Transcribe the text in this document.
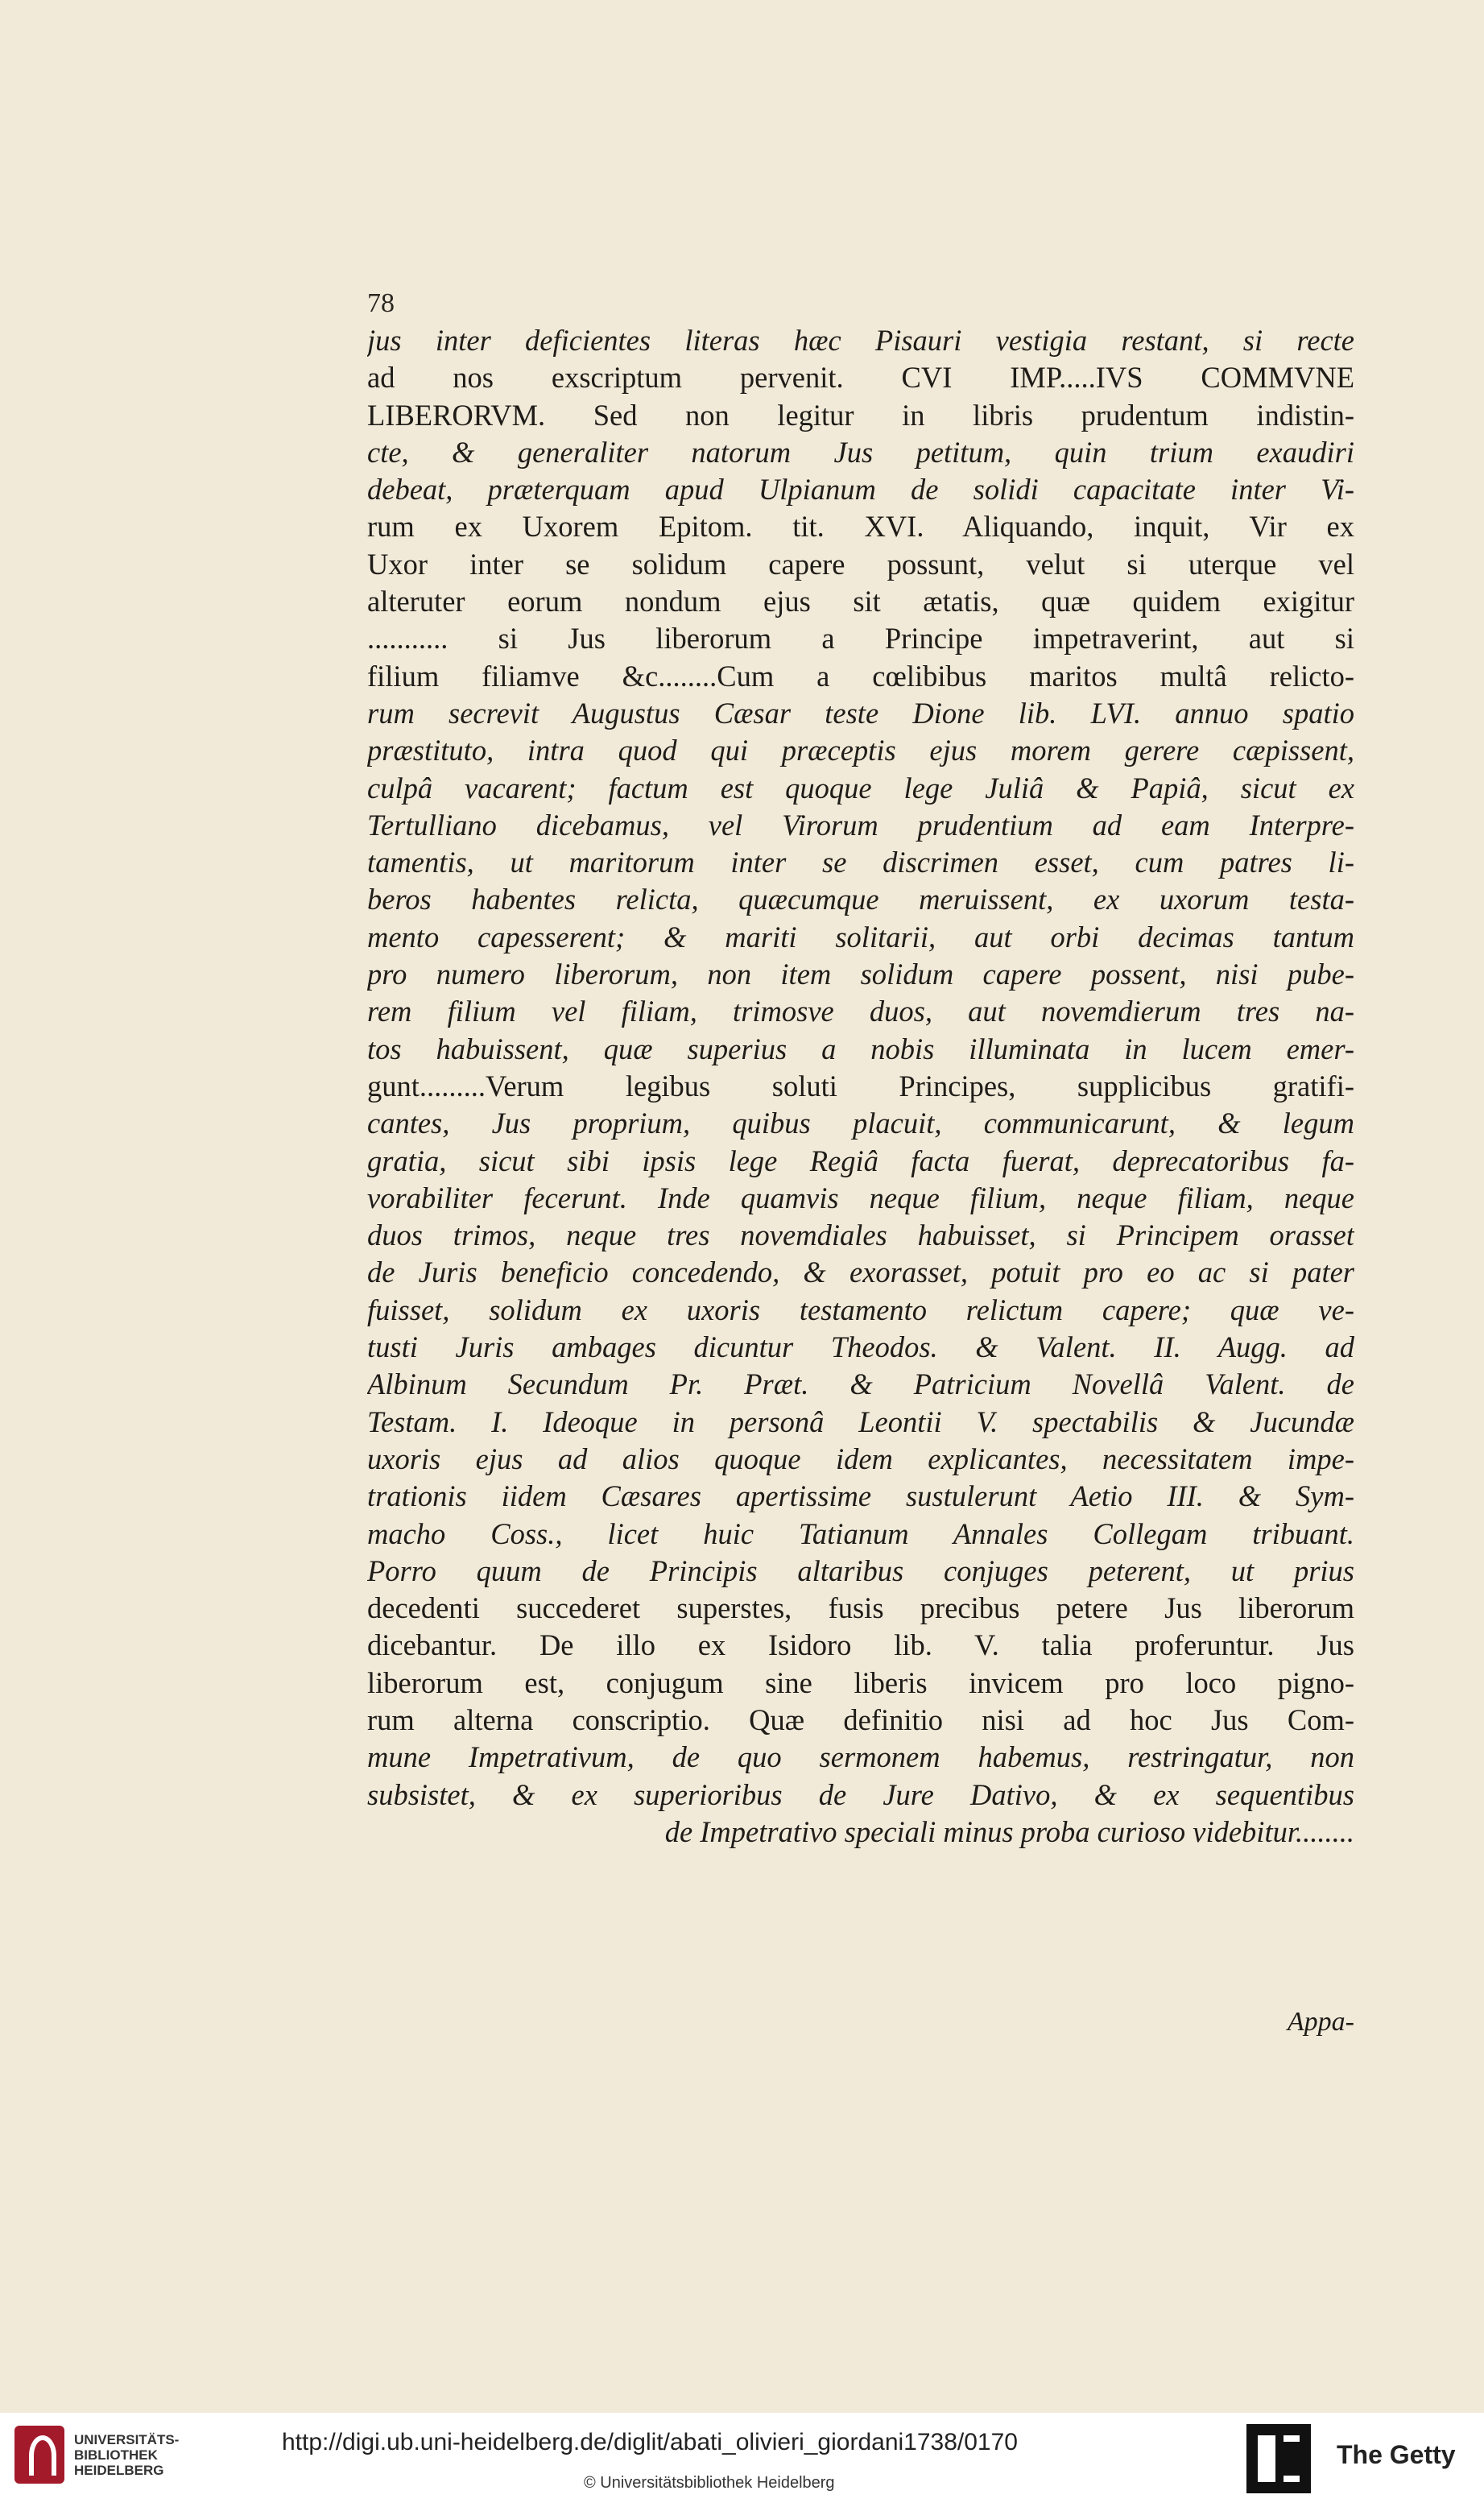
78
jus inter deficientes literas hæc Pisauri vestigia restant, si recte
ad nos exscriptum pervenit. CVI IMP.....IVS COMMVNE
LIBERORVM. Sed non legitur in libris prudentum indistin-
cte, & generaliter natorum Jus petitum, quin trium exaudiri
debeat, præterquam apud Ulpianum de solidi capacitate inter Vi-
rum ex Uxorem Epitom. tit. XVI. Aliquando, inquit, Vir ex
Uxor inter se solidum capere possunt, velut si uterque vel
alteruter eorum nondum ejus sit ætatis, quæ quidem exigitur
........... si Jus liberorum a Principe impetraverint, aut si
filium filiamve &c........Cum a cœlibibus maritos multâ relicto-
rum secrevit Augustus Cæsar teste Dione lib. LVI. annuo spatio
præstituto, intra quod qui præceptis ejus morem gerere cæpissent,
culpâ vacarent; factum est quoque lege Juliâ & Papiâ, sicut ex
Tertulliano dicebamus, vel Virorum prudentium ad eam Interpre-
tamentis, ut maritorum inter se discrimen esset, cum patres li-
beros habentes relicta, quæcumque meruissent, ex uxorum testa-
mento capesserent; & mariti solitarii, aut orbi decimas tantum
pro numero liberorum, non item solidum capere possent, nisi pube-
rem filium vel filiam, trimosve duos, aut novemdierum tres na-
tos habuissent, quæ superius a nobis illuminata in lucem emer-
gunt.........Verum legibus soluti Principes, supplicibus gratifi-
cantes, Jus proprium, quibus placuit, communicarunt, & legum
gratia, sicut sibi ipsis lege Regiâ facta fuerat, deprecatoribus fa-
vorabiliter fecerunt. Inde quamvis neque filium, neque filiam, neque
duos trimos, neque tres novemdiales habuisset, si Principem orasset
de Juris beneficio concedendo, & exorasset, potuit pro eo ac si pater
fuisset, solidum ex uxoris testamento relictum capere; quæ ve-
tusti Juris ambages dicuntur Theodos. & Valent. II. Augg. ad
Albinum Secundum Pr. Præt. & Patricium Novellâ Valent. de
Testam. I. Ideoque in personâ Leontii V. spectabilis & Jucundæ
uxoris ejus ad alios quoque idem explicantes, necessitatem impe-
trationis iidem Cæsares apertissime sustulerunt Aetio III. & Sym-
macho Coss., licet huic Tatianum Annales Collegam tribuant.
Porro quum de Principis altaribus conjuges peterent, ut prius
decedenti succederet superstes, fusis precibus petere Jus liberorum
dicebantur. De illo ex Isidoro lib. V. talia proferuntur. Jus
liberorum est, conjugum sine liberis invicem pro loco pigno-
rum alterna conscriptio. Quæ definitio nisi ad hoc Jus Com-
mune Impetrativum, de quo sermonem habemus, restringatur, non
subsistet, & ex superioribus de Jure Dativo, & ex sequentibus
de Impetrativo speciali minus proba curioso videbitur........
Appa-
UNIVERSITÄTS-
BIBLIOTHEK
HEIDELBERG
http://digi.ub.uni-heidelberg.de/diglit/abati_olivieri_giordani1738/0170
© Universitätsbibliothek Heidelberg
The Getty
